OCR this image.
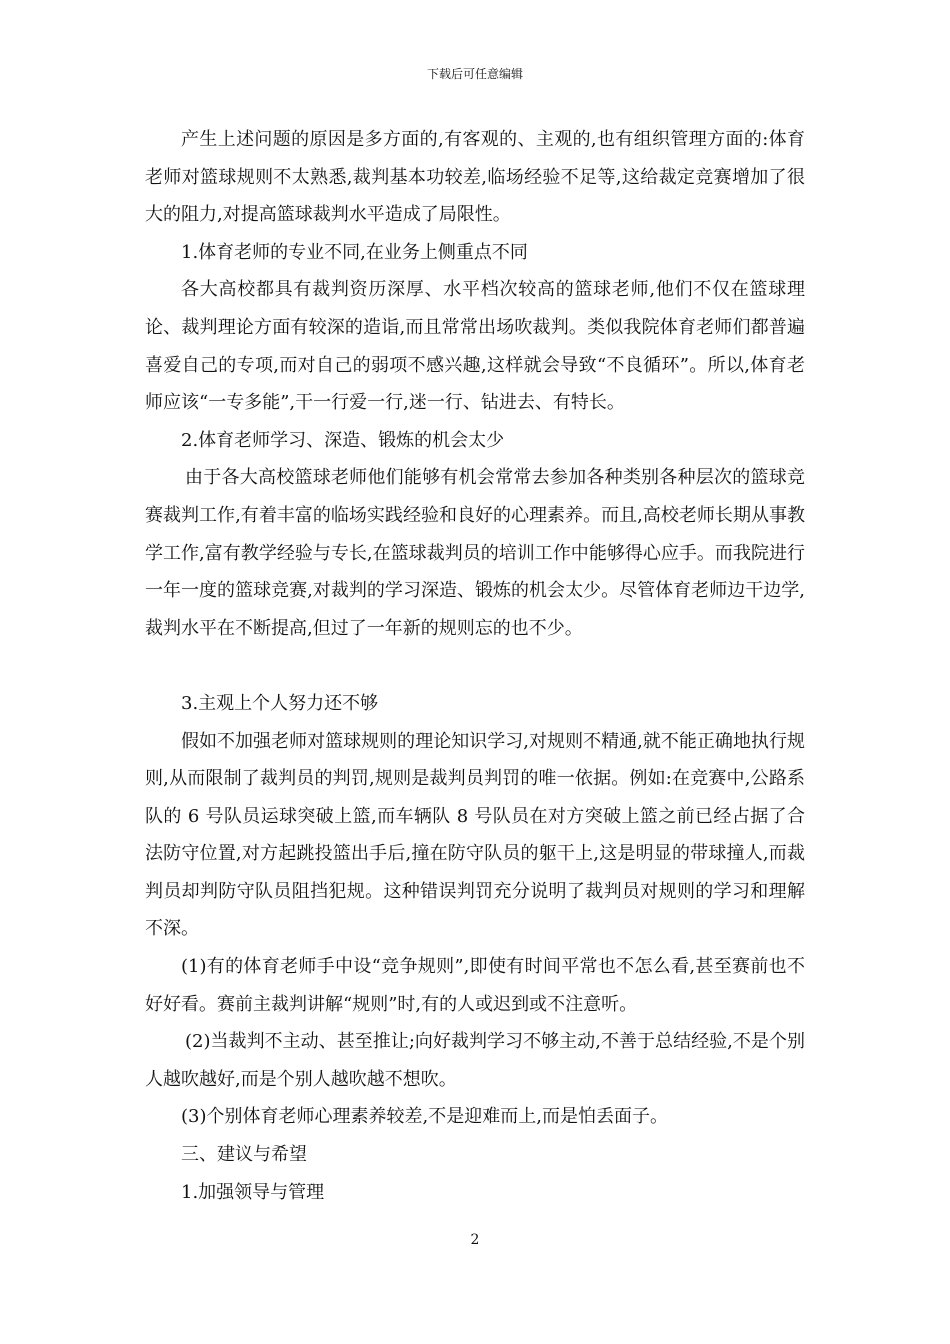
下载后可任意编辑

产生上述问题的原因是多方面的,有客观的、主观的,也有组织管理方面的:体育老师对篮球规则不太熟悉,裁判基本功较差,临场经验不足等,这给裁定竞赛增加了很大的阻力,对提高篮球裁判水平造成了局限性。

1.体育老师的专业不同,在业务上侧重点不同

各大高校都具有裁判资历深厚、水平档次较高的篮球老师,他们不仅在篮球理论、裁判理论方面有较深的造诣,而且常常出场吹裁判。类似我院体育老师们都普遍喜爱自己的专项,而对自己的弱项不感兴趣,这样就会导致“不良循环”。所以,体育老师应该“一专多能”,干一行爱一行,迷一行、钻进去、有特长。

2.体育老师学习、深造、锻炼的机会太少

由于各大高校篮球老师他们能够有机会常常去参加各种类别各种层次的篮球竞赛裁判工作,有着丰富的临场实践经验和良好的心理素养。而且,高校老师长期从事教学工作,富有教学经验与专长,在篮球裁判员的培训工作中能够得心应手。而我院进行一年一度的篮球竞赛,对裁判的学习深造、锻炼的机会太少。尽管体育老师边干边学,裁判水平在不断提高,但过了一年新的规则忘的也不少。

3.主观上个人努力还不够

假如不加强老师对篮球规则的理论知识学习,对规则不精通,就不能正确地执行规则,从而限制了裁判员的判罚,规则是裁判员判罚的唯一依据。例如:在竞赛中,公路系队的 6 号队员运球突破上篮,而车辆队 8 号队员在对方突破上篮之前已经占据了合法防守位置,对方起跳投篮出手后,撞在防守队员的躯干上,这是明显的带球撞人,而裁判员却判防守队员阻挡犯规。这种错误判罚充分说明了裁判员对规则的学习和理解不深。

(1)有的体育老师手中设“竞争规则”,即使有时间平常也不怎么看,甚至赛前也不好好看。赛前主裁判讲解“规则”时,有的人或迟到或不注意听。

(2)当裁判不主动、甚至推让;向好裁判学习不够主动,不善于总结经验,不是个别人越吹越好,而是个别人越吹越不想吹。

(3)个别体育老师心理素养较差,不是迎难而上,而是怕丢面子。

三、建议与希望

1.加强领导与管理

2
